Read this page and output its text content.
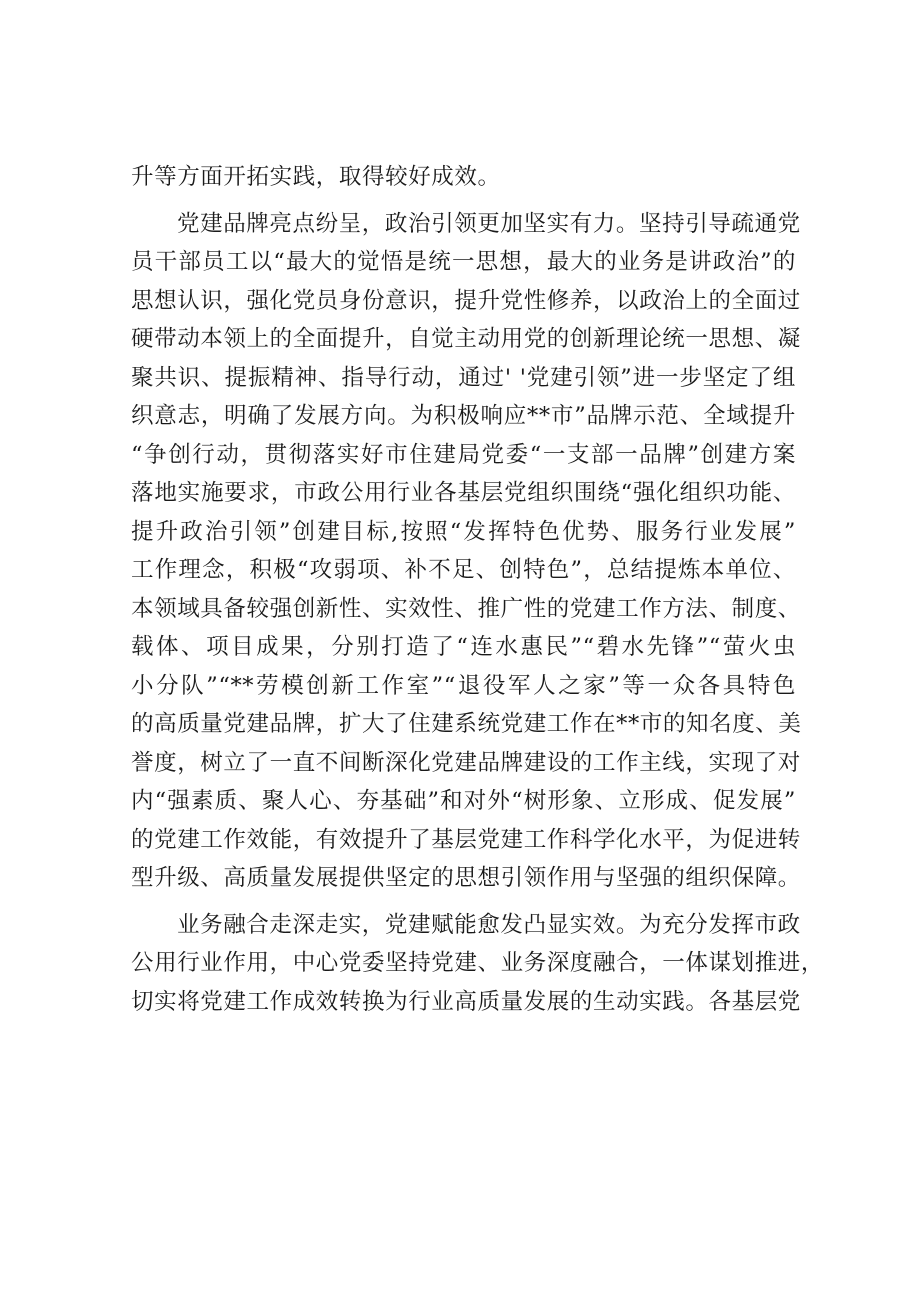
升等方面开拓实践，取得较好成效。
党建品牌亮点纷呈，政治引领更加坚实有力。坚持引导疏通党
员干部员工以“最大的觉悟是统一思想，最大的业务是讲政治”的
思想认识，强化党员身份意识，提升党性修养，以政治上的全面过
硬带动本领上的全面提升，自觉主动用党的创新理论统一思想、凝
聚共识、提振精神、指导行动，通过' '党建引领”进一步坚定了组
织意志，明确了发展方向。为积极响应**市”品牌示范、全域提升
“争创行动，贯彻落实好市住建局党委“一支部一品牌”创建方案
落地实施要求，市政公用行业各基层党组织围绕“强化组织功能、
提升政治引领”创建目标,按照“发挥特色优势、服务行业发展”
工作理念，积极“攻弱项、补不足、创特色”，总结提炼本单位、
本领域具备较强创新性、实效性、推广性的党建工作方法、制度、
载体、项目成果，分别打造了“连水惠民”“碧水先锋”“萤火虫
小分队”“**劳模创新工作室”“退役军人之家”等一众各具特色
的高质量党建品牌，扩大了住建系统党建工作在**市的知名度、美
誉度，树立了一直不间断深化党建品牌建设的工作主线，实现了对
内“强素质、聚人心、夯基础”和对外“树形象、立形成、促发展”
的党建工作效能，有效提升了基层党建工作科学化水平，为促进转
型升级、高质量发展提供坚定的思想引领作用与坚强的组织保障。
业务融合走深走实，党建赋能愈发凸显实效。为充分发挥市政
公用行业作用，中心党委坚持党建、业务深度融合，一体谋划推进，
切实将党建工作成效转换为行业高质量发展的生动实践。各基层党
